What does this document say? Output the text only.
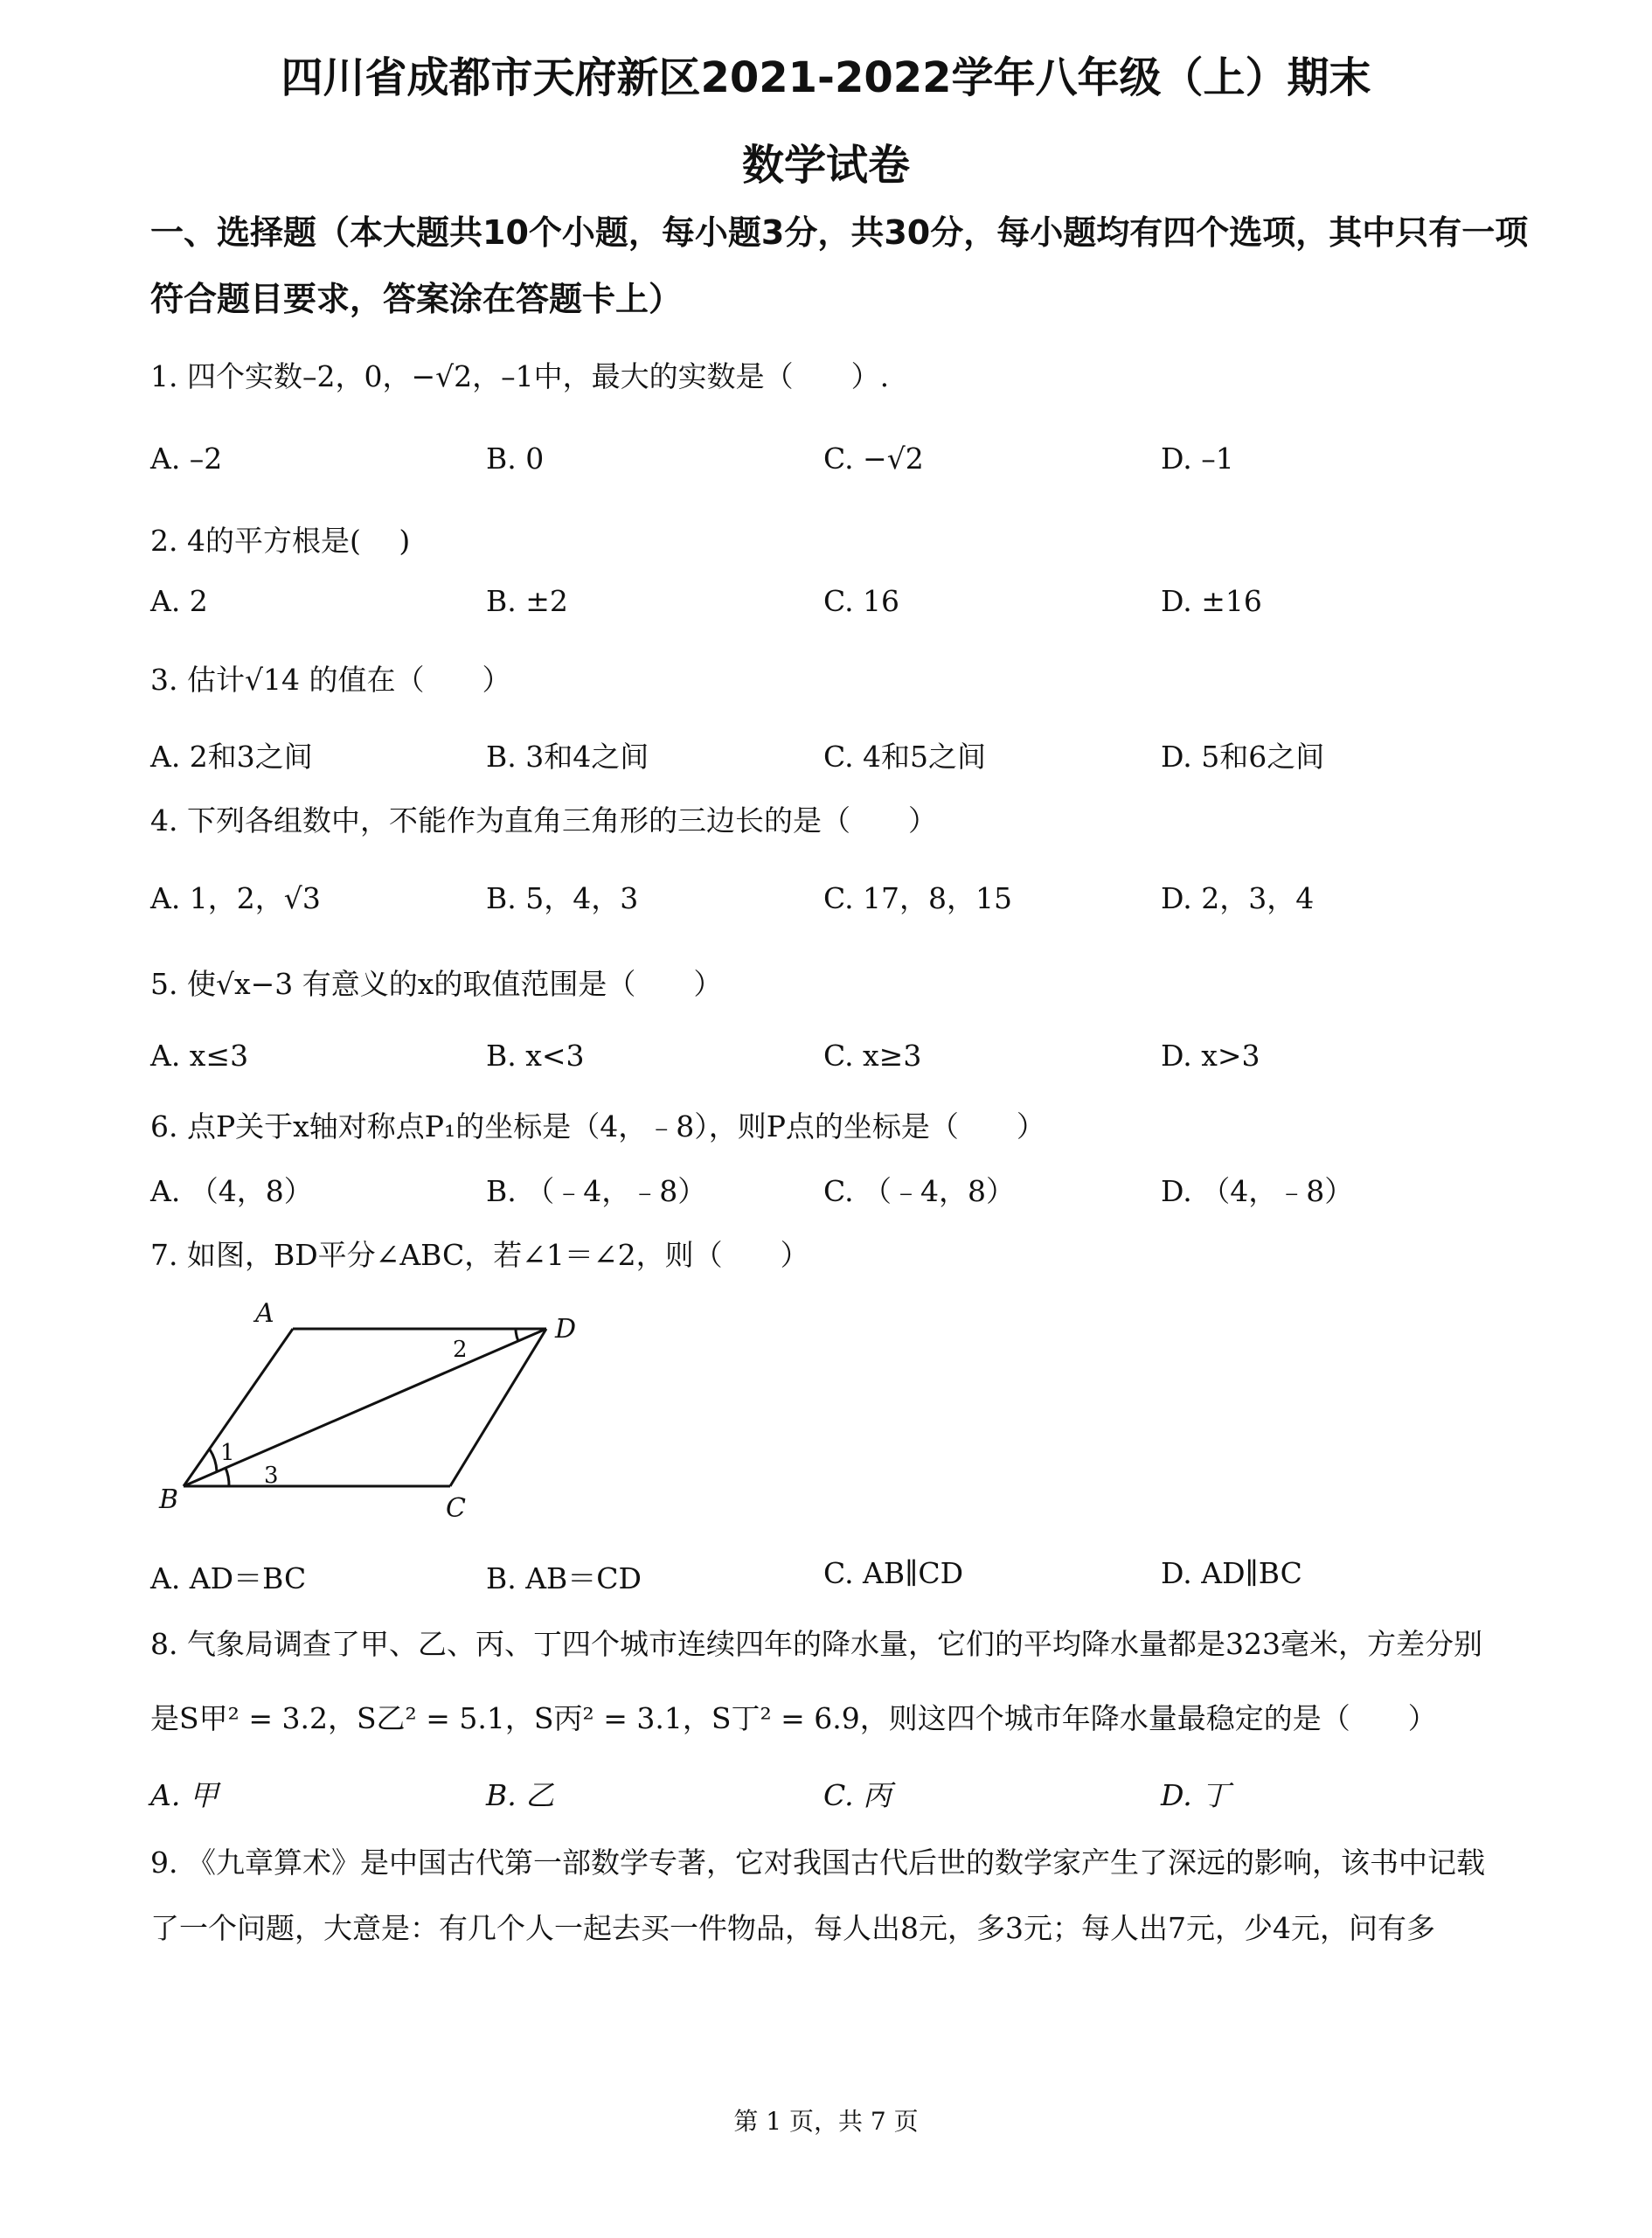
四川省成都市天府新区2021-2022学年八年级（上）期末
数学试卷
一、选择题（本大题共10个小题，每小题3分，共30分，每小题均有四个选项，其中只有一项符合题目要求，答案涂在答题卡上）
1. 四个实数–2，0，−√2，–1中，最大的实数是（　　）.
A. –2	B. 0	C. −√2	D. –1
2. 4的平方根是(　 )
A. 2	B. ±2	C. 16	D. ±16
3. 估计√14 的值在（　　）
A. 2和3之间	B. 3和4之间	C. 4和5之间	D. 5和6之间
4. 下列各组数中，不能作为直角三角形的三边长的是（　　）
A. 1，2，√3	B. 5，4，3	C. 17，8，15	D. 2，3，4
5. 使√x−3 有意义的x的取值范围是（　　）
A. x≤3	B. x<3	C. x≥3	D. x>3
6. 点P关于x轴对称点P₁的坐标是（4，﹣8），则P点的坐标是（　　）
A. （4，8）	B. （﹣4，﹣8）	C. （﹣4，8）	D. （4，﹣8）
7. 如图，BD平分∠ABC，若∠1＝∠2，则（　　）
A
B	C
D
1
2
3
A. AD＝BC	B. AB＝CD	C. AB∥CD	D. AD∥BC
8. 气象局调查了甲、乙、丙、丁四个城市连续四年的降水量，它们的平均降水量都是323毫米，方差分别
是S甲² = 3.2，S乙² = 5.1，S丙² = 3.1，S丁² = 6.9，则这四个城市年降水量最稳定的是（　　）
A. 甲	B. 乙	C. 丙	D. 丁
9. 《九章算术》是中国古代第一部数学专著，它对我国古代后世的数学家产生了深远的影响，该书中记载
了一个问题，大意是：有几个人一起去买一件物品，每人出8元，多3元；每人出7元，少4元，问有多
第 1 页，共 7 页
